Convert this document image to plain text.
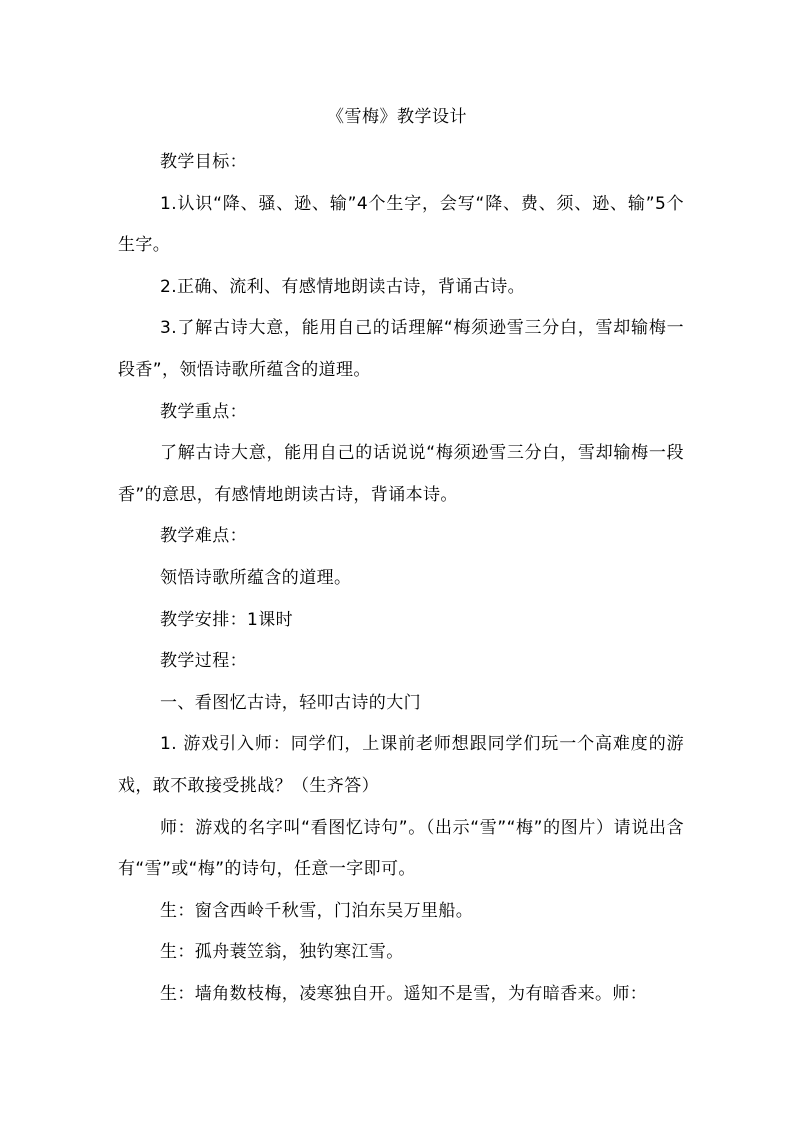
《雪梅》教学设计

教学目标：

1.认识“降、骚、逊、输”4个生字，会写“降、费、须、逊、输”5个生字。

2.正确、流利、有感情地朗读古诗，背诵古诗。

3.了解古诗大意，能用自己的话理解“梅须逊雪三分白，雪却输梅一段香”，领悟诗歌所蕴含的道理。

教学重点：

了解古诗大意，能用自己的话说说“梅须逊雪三分白，雪却输梅一段香”的意思，有感情地朗读古诗，背诵本诗。

教学难点：

领悟诗歌所蕴含的道理。

教学安排：1课时

教学过程：

一、看图忆古诗，轻叩古诗的大门

1. 游戏引入师：同学们，上课前老师想跟同学们玩一个高难度的游戏，敢不敢接受挑战？（生齐答）

师：游戏的名字叫“看图忆诗句”。（出示“雪”“梅”的图片）请说出含有“雪”或“梅”的诗句，任意一字即可。

生：窗含西岭千秋雪，门泊东吴万里船。

生：孤舟蓑笠翁，独钓寒江雪。

生：墙角数枝梅，凌寒独自开。遥知不是雪，为有暗香来。师：
